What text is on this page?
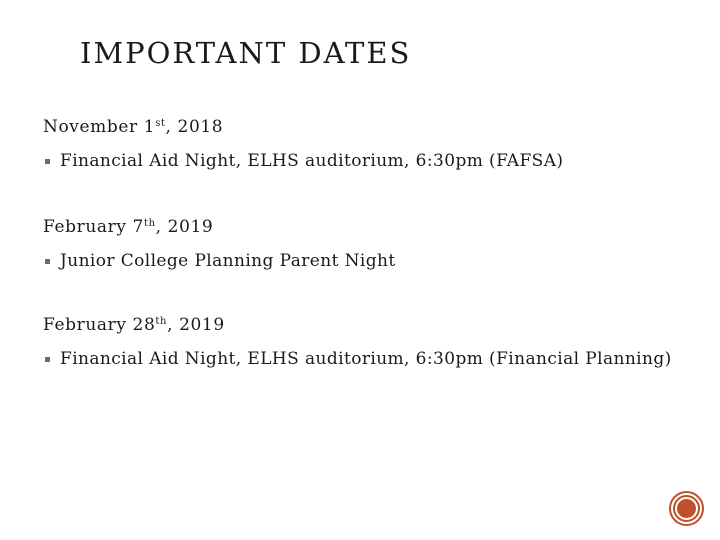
IMPORTANT DATES

November 1st, 2018

Financial Aid Night, ELHS auditorium, 6:30pm (FAFSA)

February 7th, 2019

Junior College Planning Parent Night

February 28th, 2019

Financial Aid Night, ELHS auditorium, 6:30pm (Financial Planning)
